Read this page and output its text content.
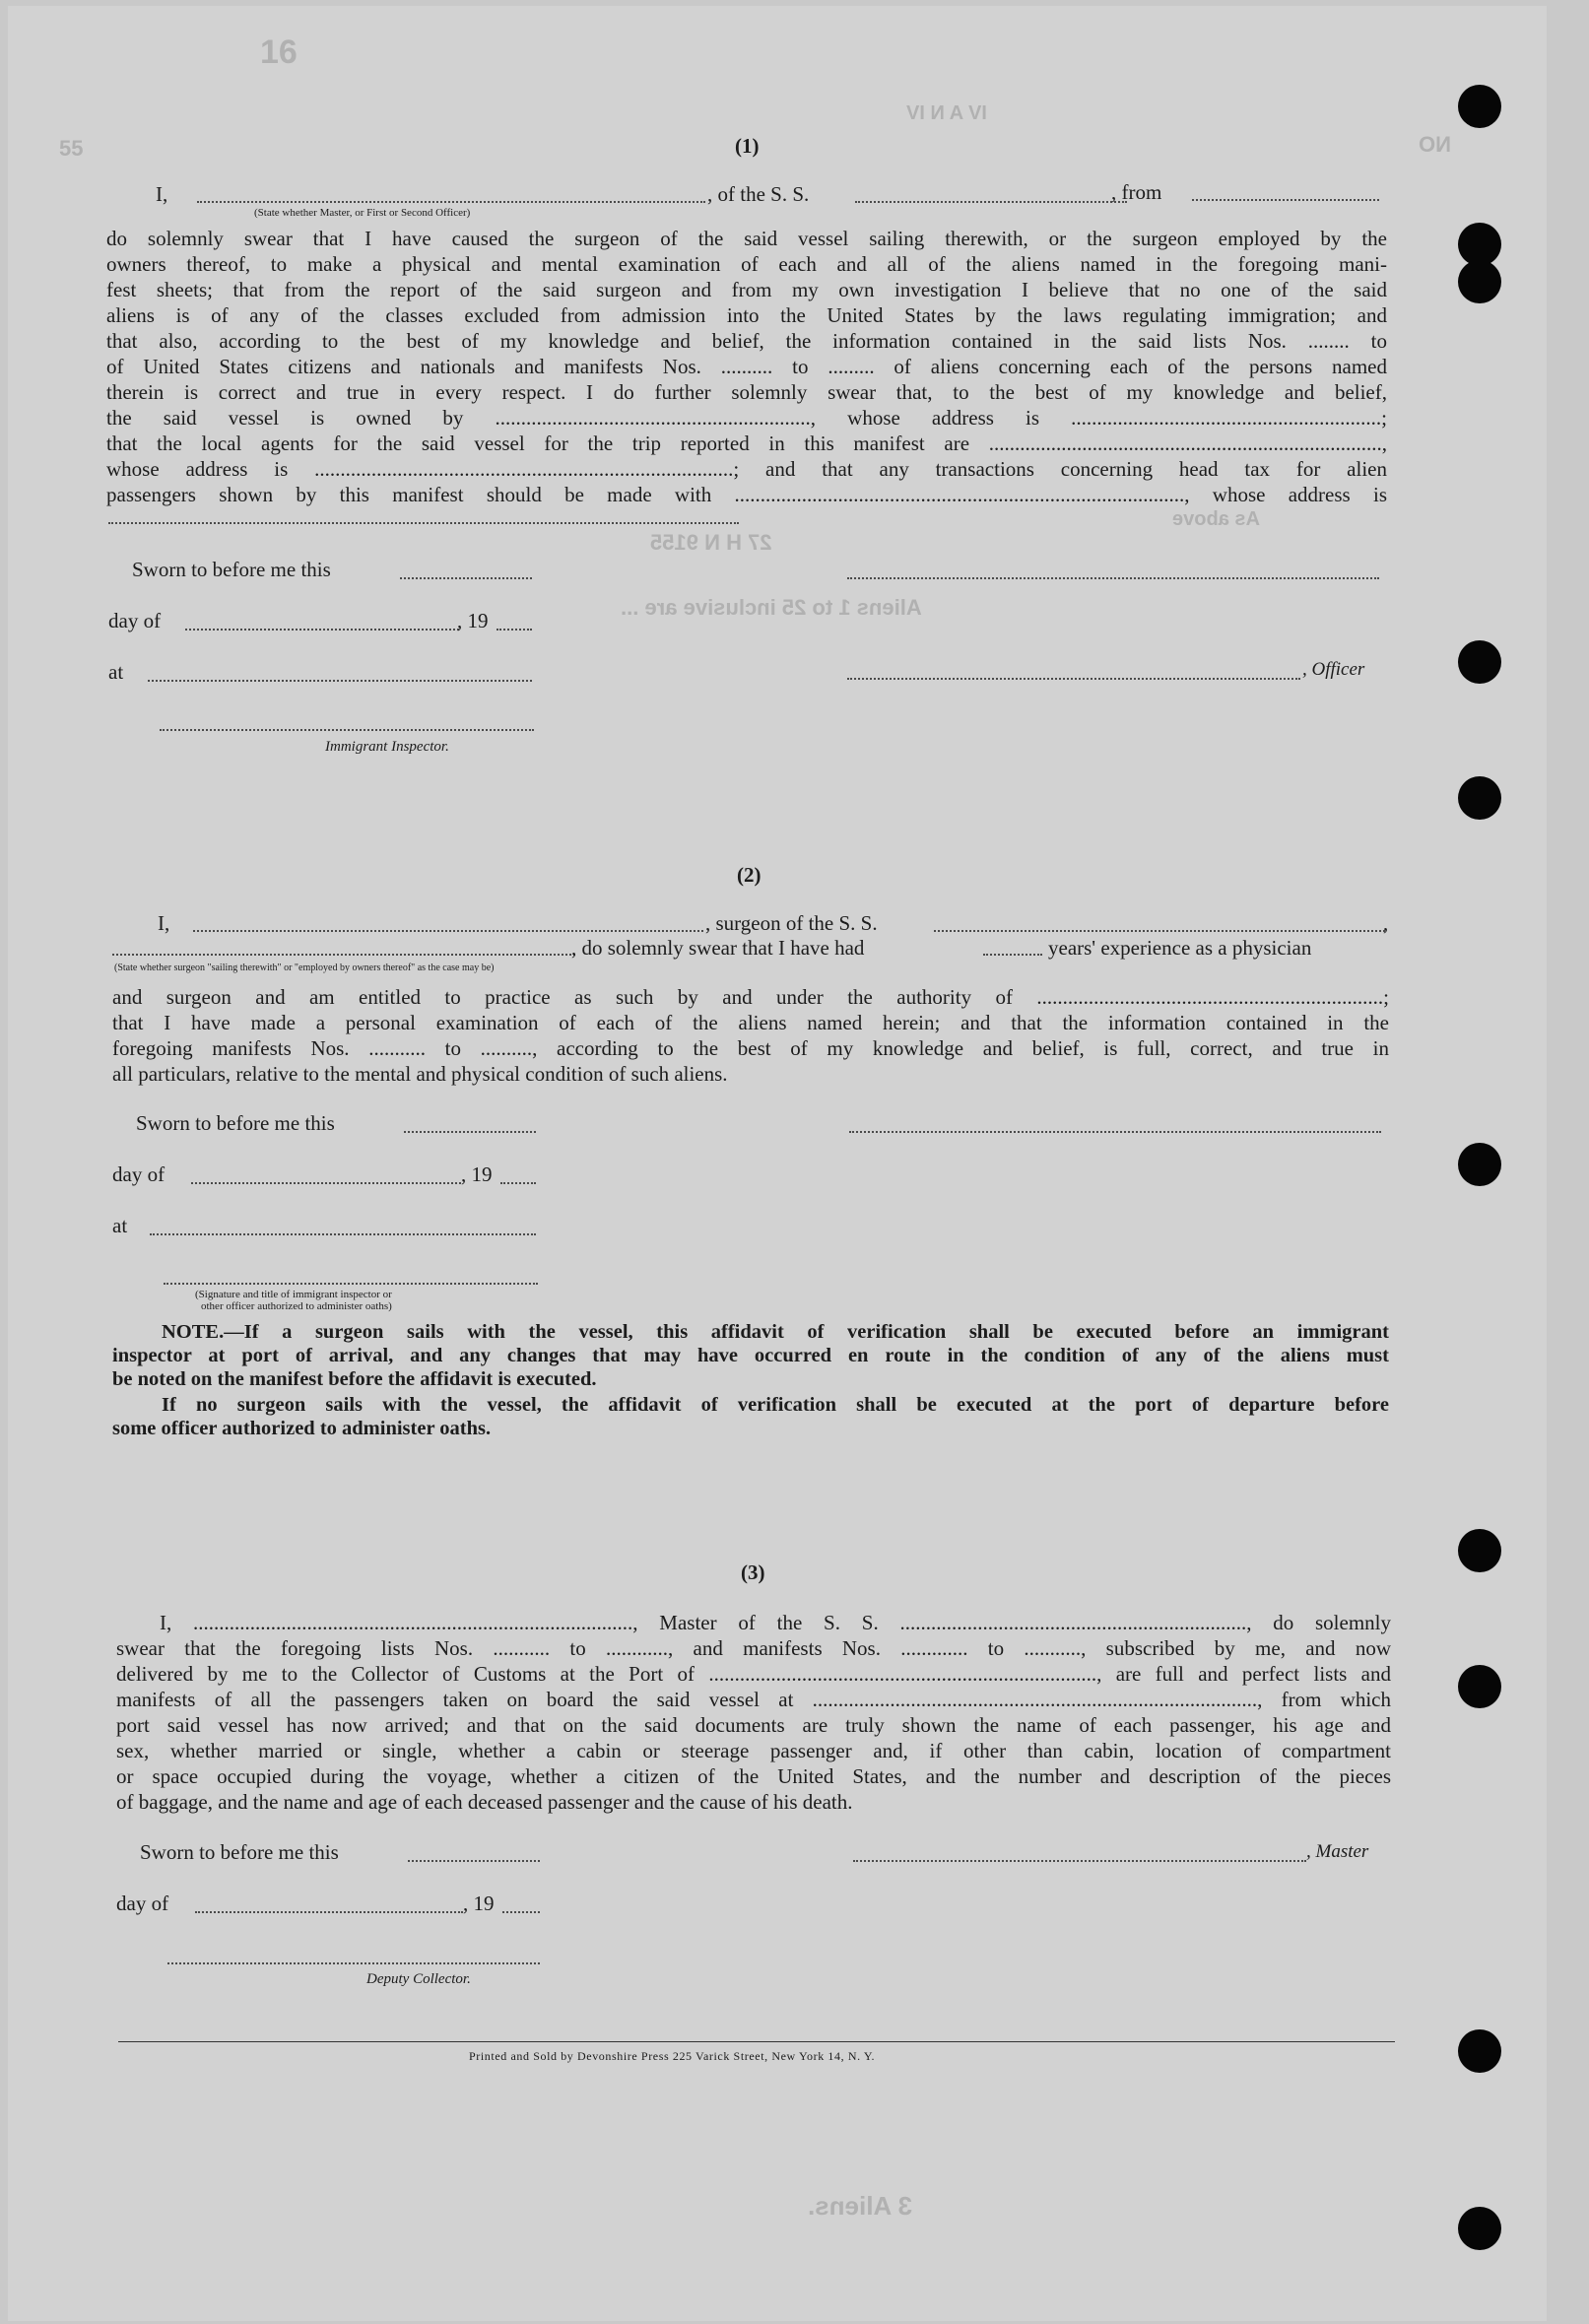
IV A N IV
55	NO
16
As above
27 H N 9155
Aliens 1 to 25 inclusive are ...
3 Aliens.
(1)
I,	, of the S. S.	, from
(State whether Master, or First or Second Officer)
do solemnly swear that I have caused the surgeon of the said vessel sailing therewith, or the surgeon employed by the
owners thereof, to make a physical and mental examination of each and all of the aliens named in the foregoing mani-
fest sheets; that from the report of the said surgeon and from my own investigation I believe that no one of the said
aliens is of any of the classes excluded from admission into the United States by the laws regulating immigration; and
that also, according to the best of my knowledge and belief, the information contained in the said lists Nos. ........ to
of United States citizens and nationals and manifests Nos. .......... to ......... of aliens concerning each of the persons named
therein is correct and true in every respect. I do further solemnly swear that, to the best of my knowledge and belief,
the said vessel is owned by ............................................................., whose address is ............................................................;
that the local agents for the said vessel for the trip reported in this manifest are ............................................................................,
whose address is .................................................................................; and that any transactions concerning head tax for alien
passengers shown by this manifest should be made with ......................................................................................., whose address is
Sworn to before me this
day of	, 19
at	, Officer
Immigrant Inspector.
(2)
I,	, surgeon of the S. S.	,
, do solemnly swear that I have had	years' experience as a physician
(State whether surgeon "sailing therewith" or "employed by owners thereof" as the case may be)
and surgeon and am entitled to practice as such by and under the authority of ...................................................................;
that I have made a personal examination of each of the aliens named herein; and that the information contained in the
foregoing manifests Nos. ........... to .........., according to the best of my knowledge and belief, is full, correct, and true in
all particulars, relative to the mental and physical condition of such aliens.
Sworn to before me this
day of	, 19
at
(Signature and title of immigrant inspector or
other officer authorized to administer oaths)
NOTE.—If a surgeon sails with the vessel, this affidavit of verification shall be executed before an immigrant
inspector at port of arrival, and any changes that may have occurred en route in the condition of any of the aliens must
be noted on the manifest before the affidavit is executed.
If no surgeon sails with the vessel, the affidavit of verification shall be executed at the port of departure before
some officer authorized to administer oaths.
(3)
I, ....................................................................................., Master of the S. S. ..................................................................., do solemnly
swear that the foregoing lists Nos. ........... to ............, and manifests Nos. ............. to ..........., subscribed by me, and now
delivered by me to the Collector of Customs at the Port of ..........................................................................., are full and perfect lists and
manifests of all the passengers taken on board the said vessel at ......................................................................................, from which
port said vessel has now arrived; and that on the said documents are truly shown the name of each passenger, his age and
sex, whether married or single, whether a cabin or steerage passenger and, if other than cabin, location of compartment
or space occupied during the voyage, whether a citizen of the United States, and the number and description of the pieces
of baggage, and the name and age of each deceased passenger and the cause of his death.
Sworn to before me this	, Master
day of	, 19
Deputy Collector.
Printed and Sold by Devonshire Press 225 Varick Street, New York 14, N. Y.
